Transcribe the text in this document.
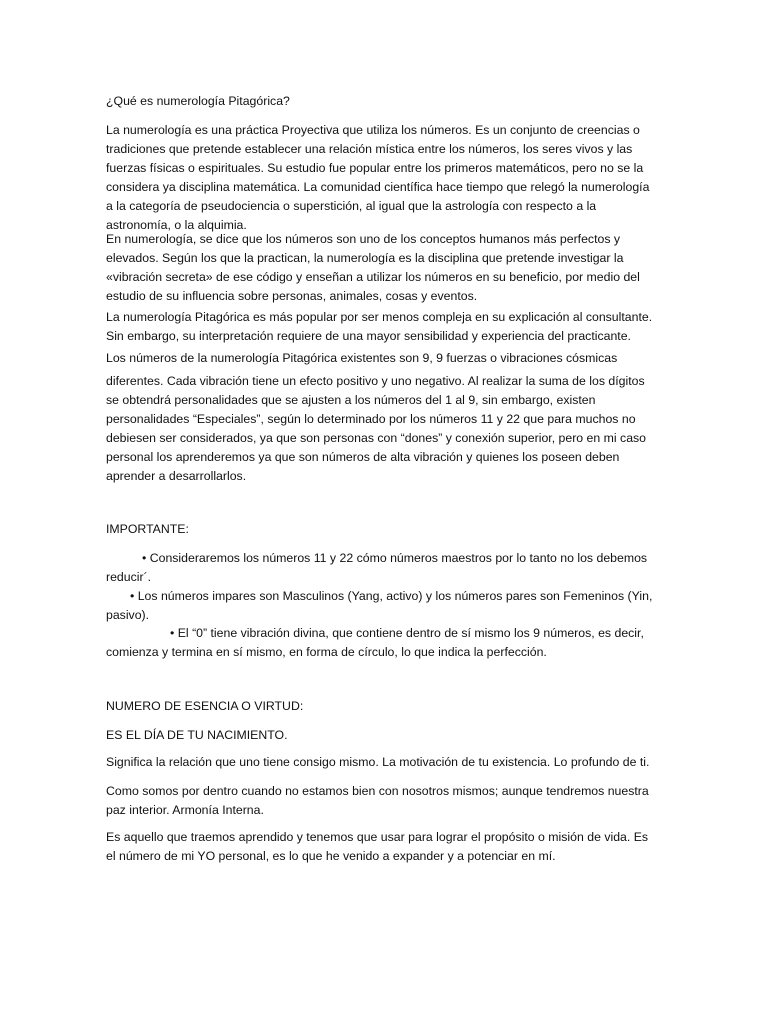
¿Qué es numerología Pitagórica?

La numerología es una práctica Proyectiva que utiliza los números. Es un conjunto de creencias o
tradiciones que pretende establecer una relación mística entre los números, los seres vivos y las
fuerzas físicas o espirituales. Su estudio fue popular entre los primeros matemáticos, pero no se la
considera ya disciplina matemática. La comunidad científica hace tiempo que relegó la numerología
a la categoría de pseudociencia o superstición, al igual que la astrología con respecto a la
astronomía, o la alquimia.

En numerología, se dice que los números son uno de los conceptos humanos más perfectos y
elevados. Según los que la practican, la numerología es la disciplina que pretende investigar la
«vibración secreta» de ese código y enseñan a utilizar los números en su beneficio, por medio del
estudio de su influencia sobre personas, animales, cosas y eventos.

La numerología Pitagórica es más popular por ser menos compleja en su explicación al consultante.
Sin embargo, su interpretación requiere de una mayor sensibilidad y experiencia del practicante.

Los números de la numerología Pitagórica existentes son 9, 9 fuerzas o vibraciones cósmicas

diferentes. Cada vibración tiene un efecto positivo y uno negativo. Al realizar la suma de los dígitos
se obtendrá personalidades que se ajusten a los números del 1 al 9, sin embargo, existen
personalidades “Especiales”, según lo determinado por los números 11 y 22 que para muchos no
debiesen ser considerados, ya que son personas con “dones” y conexión superior, pero en mi caso
personal los aprenderemos ya que son números de alta vibración y quienes los poseen deben
aprender a desarrollarlos.

IMPORTANTE:

• Consideraremos los números 11 y 22 cómo números maestros por lo tanto no los debemos
reducir´.

• Los números impares son Masculinos (Yang, activo) y los números pares son Femeninos (Yin,
pasivo).

• El “0” tiene vibración divina, que contiene dentro de sí mismo los 9 números, es decir,
comienza y termina en sí mismo, en forma de círculo, lo que indica la perfección.

NUMERO DE ESENCIA O VIRTUD:

ES EL DÍA DE TU NACIMIENTO.

Significa la relación que uno tiene consigo mismo. La motivación de tu existencia. Lo profundo de ti.

Como somos por dentro cuando no estamos bien con nosotros mismos; aunque tendremos nuestra
paz interior. Armonía Interna.

Es aquello que traemos aprendido y tenemos que usar para lograr el propósito o misión de vida. Es
el número de mi YO personal, es lo que he venido a expander y a potenciar en mí.
